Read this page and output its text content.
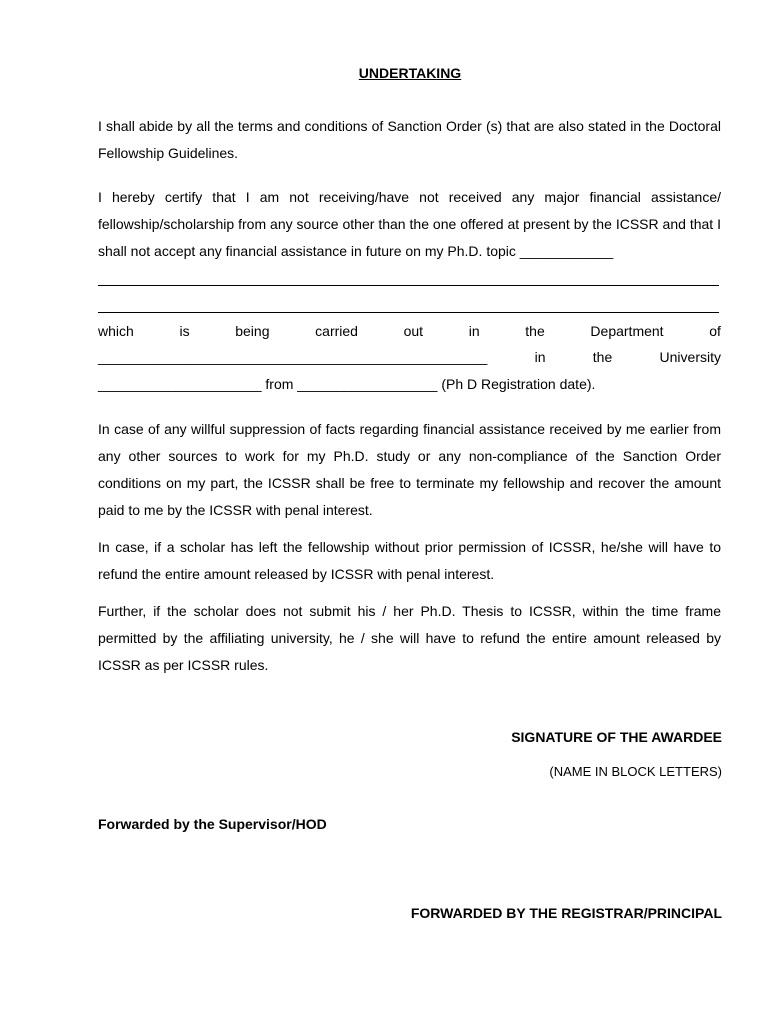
UNDERTAKING
I shall abide by all the terms and conditions of Sanction Order (s) that are also stated in the Doctoral Fellowship Guidelines.
I hereby certify that I am not receiving/have not received any major financial assistance/ fellowship/scholarship from any source other than the one offered at present by the ICSSR and that I shall not accept any financial assistance in future on my Ph.D. topic ____________
which	is	being	carried	out	in	the	Department	of
__________________________________________________	in	the	University
_____________________ from __________________ (Ph D Registration date).
In case of any willful suppression of facts regarding financial assistance received by me earlier from any other sources to work for my Ph.D. study or any non-compliance of the Sanction Order conditions on my part, the ICSSR shall be free to terminate my fellowship and recover the amount paid to me by the ICSSR with penal interest.
In case, if a scholar has left the fellowship without prior permission of ICSSR, he/she will have to refund the entire amount released by ICSSR with penal interest.
Further, if the scholar does not submit his / her Ph.D. Thesis to ICSSR, within the time frame permitted by the affiliating university, he / she will have to refund the entire amount released by ICSSR as per ICSSR rules.
SIGNATURE OF THE AWARDEE
(NAME IN BLOCK LETTERS)
Forwarded by the Supervisor/HOD
FORWARDED BY THE REGISTRAR/PRINCIPAL
